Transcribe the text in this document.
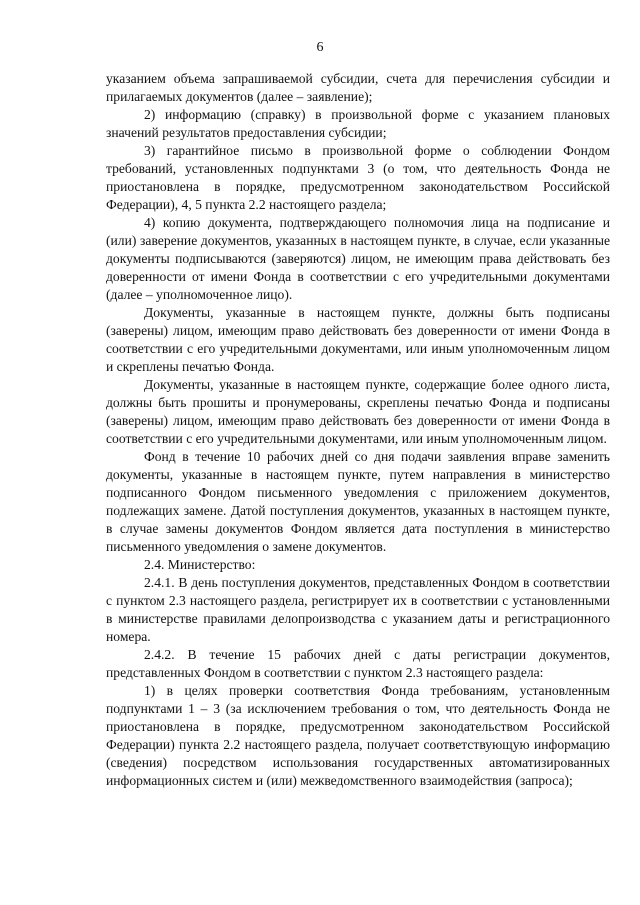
6

указанием объема запрашиваемой субсидии, счета для перечисления субсидии и прилагаемых документов (далее – заявление);

2) информацию (справку) в произвольной форме с указанием плановых значений результатов предоставления субсидии;

3) гарантийное письмо в произвольной форме о соблюдении Фондом требований, установленных подпунктами 3 (о том, что деятельность Фонда не приостановлена в порядке, предусмотренном законодательством Российской Федерации), 4, 5 пункта 2.2 настоящего раздела;

4) копию документа, подтверждающего полномочия лица на подписание и (или) заверение документов, указанных в настоящем пункте, в случае, если указанные документы подписываются (заверяются) лицом, не имеющим права действовать без доверенности от имени Фонда в соответствии с его учредительными документами (далее – уполномоченное лицо).

Документы, указанные в настоящем пункте, должны быть подписаны (заверены) лицом, имеющим право действовать без доверенности от имени Фонда в соответствии с его учредительными документами, или иным уполномоченным лицом и скреплены печатью Фонда.

Документы, указанные в настоящем пункте, содержащие более одного листа, должны быть прошиты и пронумерованы, скреплены печатью Фонда и подписаны (заверены) лицом, имеющим право действовать без доверенности от имени Фонда в соответствии с его учредительными документами, или иным уполномоченным лицом.

Фонд в течение 10 рабочих дней со дня подачи заявления вправе заменить документы, указанные в настоящем пункте, путем направления в министерство подписанного Фондом письменного уведомления с приложением документов, подлежащих замене. Датой поступления документов, указанных в настоящем пункте, в случае замены документов Фондом является дата поступления в министерство письменного уведомления о замене документов.

2.4. Министерство:

2.4.1. В день поступления документов, представленных Фондом в соответствии с пунктом 2.3 настоящего раздела, регистрирует их в соответствии с установленными в министерстве правилами делопроизводства с указанием даты и регистрационного номера.

2.4.2. В течение 15 рабочих дней с даты регистрации документов, представленных Фондом в соответствии с пунктом 2.3 настоящего раздела:

1) в целях проверки соответствия Фонда требованиям, установленным подпунктами 1 – 3 (за исключением требования о том, что деятельность Фонда не приостановлена в порядке, предусмотренном законодательством Российской Федерации) пункта 2.2 настоящего раздела, получает соответствующую информацию (сведения) посредством использования государственных автоматизированных информационных систем и (или) межведомственного взаимодействия (запроса);
